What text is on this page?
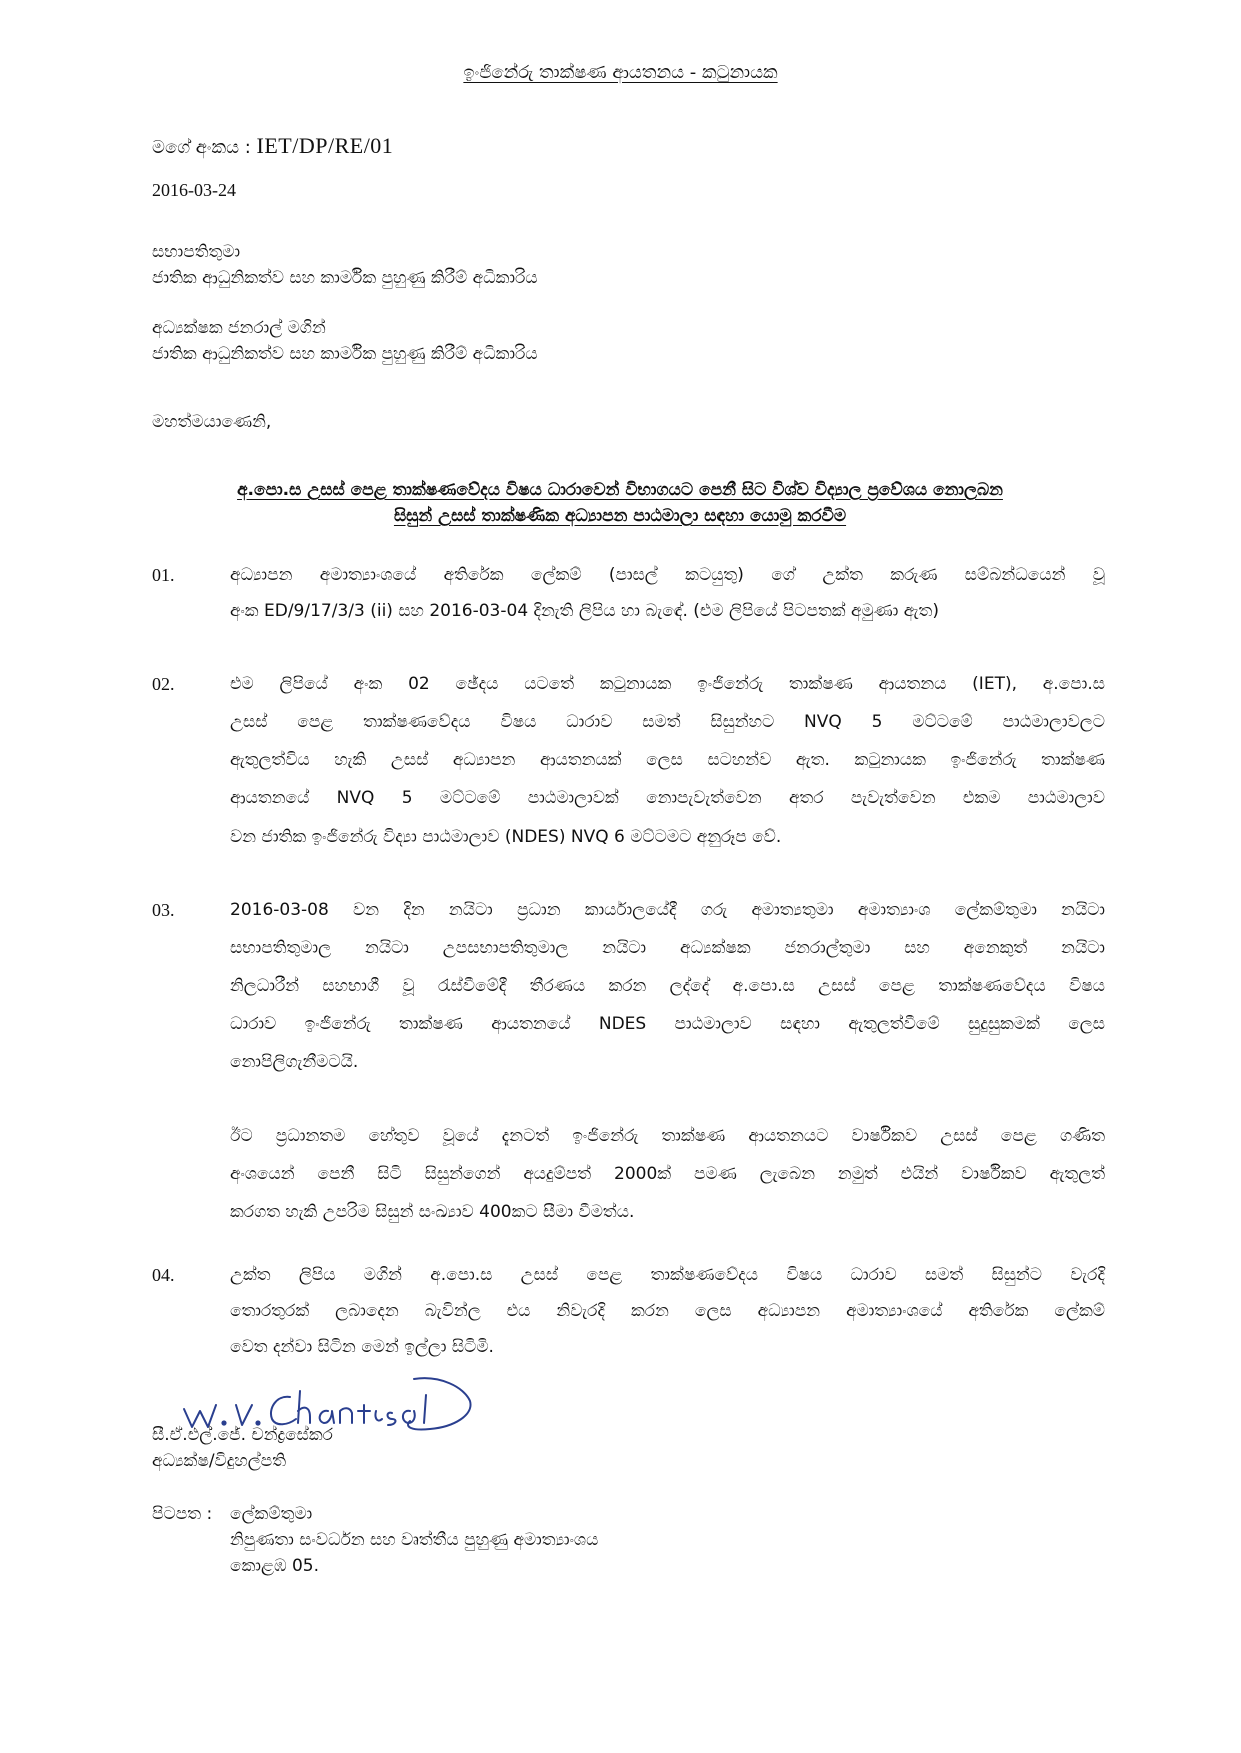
ඉංජිනේරු තාක්ෂණ ආයතනය - කටුනායක
මගේ අංකය : IET/DP/RE/01
2016-03-24
සභාපතිතුමා
ජාතික ආධුනිකත්ව සහ කාර්මික පුහුණු කිරීම් අධිකාරිය
අධ්‍යක්ෂක ජනරාල් මගින්
ජාතික ආධුනිකත්ව සහ කාර්මික පුහුණු කිරීම් අධිකාරිය
මහත්මයාණෙනි,
අ.පො.ස උසස් පෙළ තාක්ෂණවේදය විෂය ධාරාවෙන් විභාගයට පෙනී සිට විශ්ව විද්‍යාල ප්‍රවේශය නොලබන
සිසුන් උසස් තාක්ෂණික අධ්‍යාපන පාඨමාලා සඳහා යොමු කරවීම
01.	අධ්‍යාපන අමාත්‍යාංශයේ අතිරේක ලේකම් (පාසල් කටයුතු) ගේ උක්ත කරුණ සම්බන්ධයෙන් වූ
අංක ED/9/17/3/3 (ii) සහ 2016-03-04 දිනැති ලිපිය හා බැඳේ. (එම ලිපියේ පිටපතක් අමුණා ඇත)
02.	එම ලිපියේ අංක 02 ඡේදය යටතේ කටුනායක ඉංජිනේරු තාක්ෂණ ආයතනය (IET), අ.පො.ස
උසස් පෙළ තාක්ෂණවේදය විෂය ධාරාව සමත් සිසුන්හට NVQ 5 මට්ටමේ පාඨමාලාවලට
ඇතුලත්විය හැකි උසස් අධ්‍යාපන ආයතනයක් ලෙස සටහන්ව ඇත. කටුනායක ඉංජිනේරු තාක්ෂණ
ආයතනයේ NVQ 5 මට්ටමේ පාඨමාලාවක් නොපැවැත්වෙන අතර පැවැත්වෙන එකම පාඨමාලාව
වන ජාතික ඉංජිනේරු විද්‍යා පාඨමාලාව (NDES) NVQ 6 මට්ටමට අනුරූප වේ.
03.	2016-03-08 වන දින නයිටා ප්‍රධාන කාර්යාලයේදී ගරු අමාත්‍යතුමා අමාත්‍යාංශ ලේකම්තුමා නයිටා
සභාපතිතුමාල නයිටා උපසභාපතිතුමාල නයිටා අධ්‍යක්ෂක ජනරාල්තුමා සහ අනෙකුත් නයිටා
නිලධාරීන් සහභාගී වූ රැස්වීමේදී තීරණය කරන ලද්දේ අ.පො.ස උසස් පෙළ තාක්ෂණවේදය විෂය
ධාරාව ඉංජිනේරු තාක්ෂණ ආයතනයේ NDES පාඨමාලාව සඳහා ඇතුලත්වීමේ සුදුසුකමක් ලෙස
නොපිලිගැනීමටයි.
ඊට ප්‍රධානතම හේතුව වූයේ දැනටත් ඉංජිනේරු තාක්ෂණ ආයතනයට වාර්ෂිකව උසස් පෙළ ගණිත
අංශයෙන් පෙනී සිටි සිසුන්ගෙන් අයදුම්පත් 2000ක් පමණ ලැබෙන නමුත් එයින් වාර්ෂිකව ඇතුලත්
කරගත හැකි උපරිම සිසුන් සංඛ්‍යාව 400කට සීමා වීමත්ය.
04.	උක්ත ලිපිය මගින් අ.පො.ස උසස් පෙළ තාක්ෂණවේදය විෂය ධාරාව සමත් සිසුන්ට වැරදි
තොරතුරක් ලබාදෙන බැවින්ල එය නිවැරදි කරන ලෙස අධ්‍යාපන අමාත්‍යාංශයේ අතිරේක ලේකම්
වෙත දන්වා සිටින මෙන් ඉල්ලා සිටිමි.
සී.ඒ.එල්.ජේ. චන්ද්‍රසේකර
අධ්‍යක්ෂ/විදුහල්පති
පිටපත : ලේකම්තුමා
නිපුණතා සංවර්ධන සහ වෘත්තීය පුහුණු අමාත්‍යාංශය
කොළඹ 05.
